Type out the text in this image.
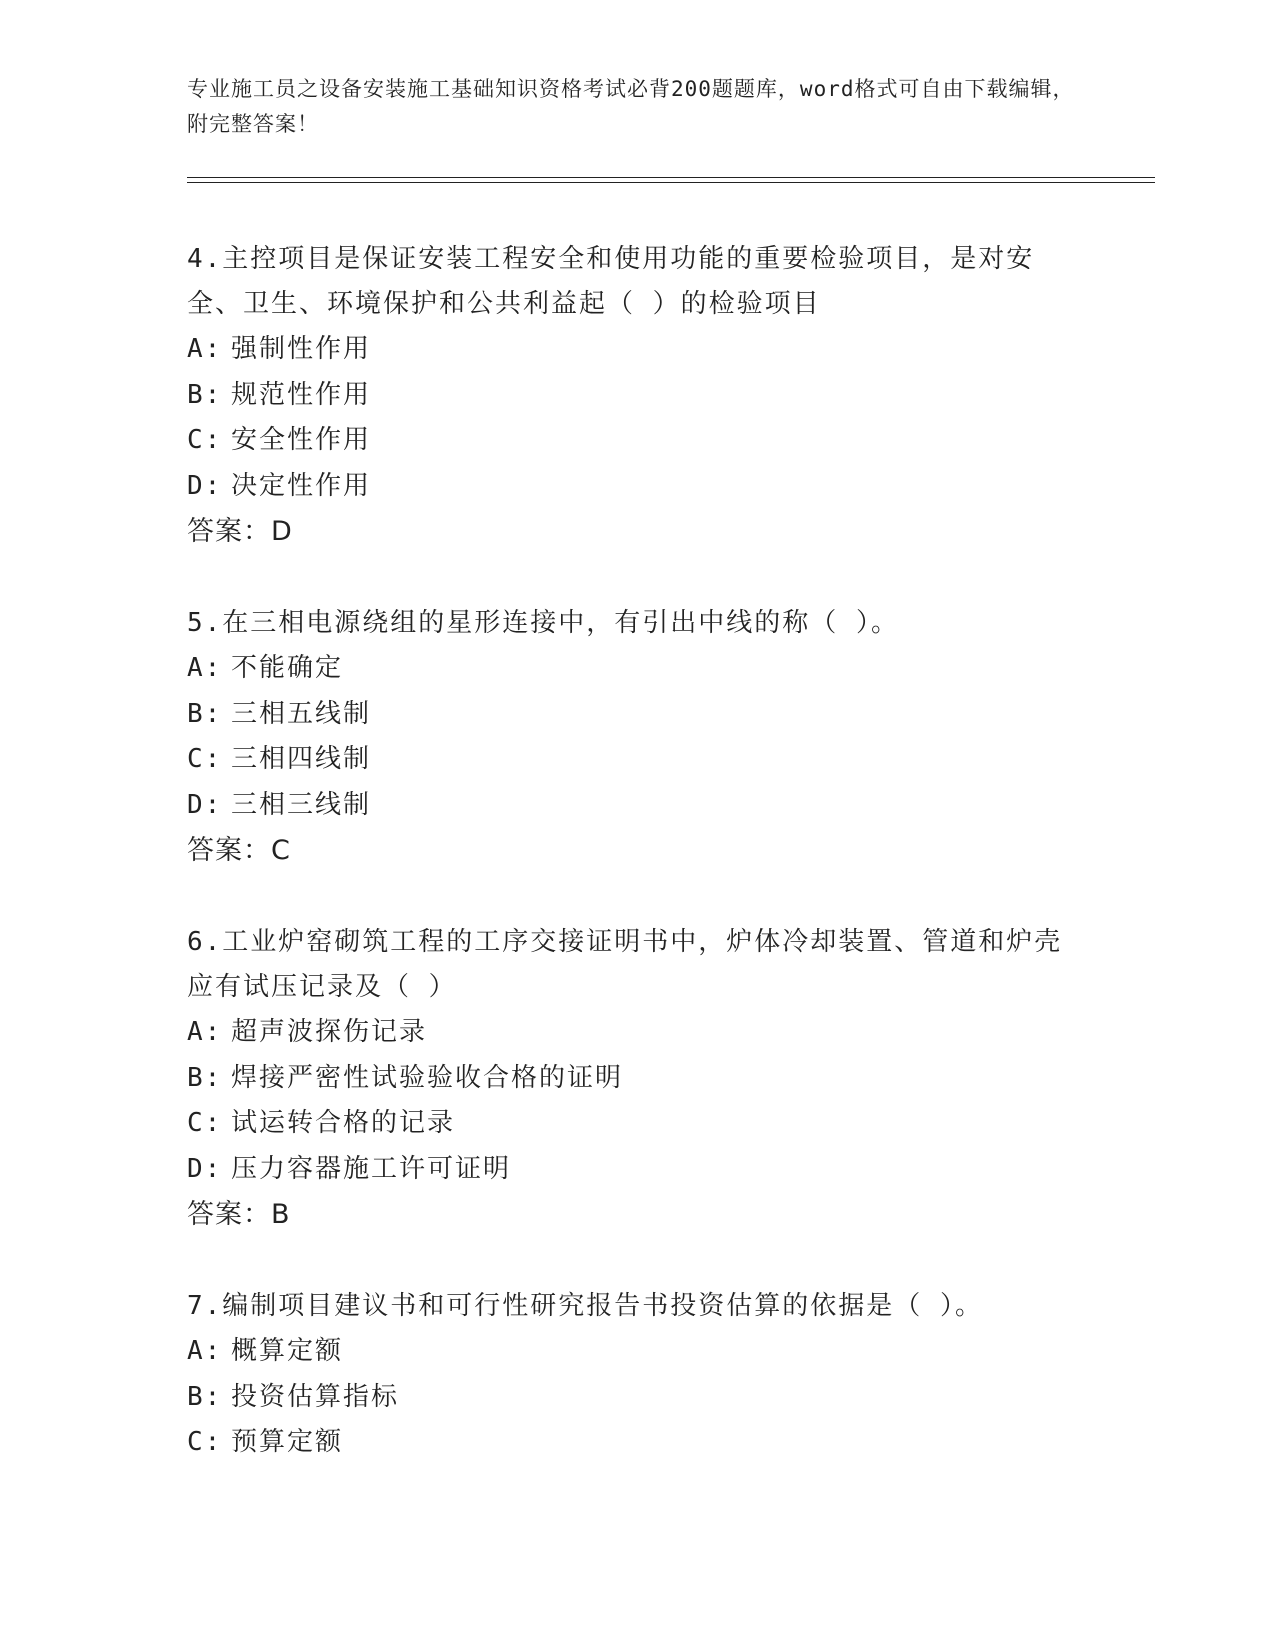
专业施工员之设备安装施工基础知识资格考试必背200题题库，word格式可自由下载编辑，附完整答案！

4.主控项目是保证安装工程安全和使用功能的重要检验项目，是对安全、卫生、环境保护和公共利益起（ ）的检验项目

A: 强制性作用

B: 规范性作用

C: 安全性作用

D: 决定性作用

答案：D

5.在三相电源绕组的星形连接中，有引出中线的称（ ）。

A: 不能确定

B: 三相五线制

C: 三相四线制

D: 三相三线制

答案：C

6.工业炉窑砌筑工程的工序交接证明书中，炉体冷却装置、管道和炉壳应有试压记录及（ ）

A: 超声波探伤记录

B: 焊接严密性试验验收合格的证明

C: 试运转合格的记录

D: 压力容器施工许可证明

答案：B

7.编制项目建议书和可行性研究报告书投资估算的依据是（ ）。

A: 概算定额

B: 投资估算指标

C: 预算定额
